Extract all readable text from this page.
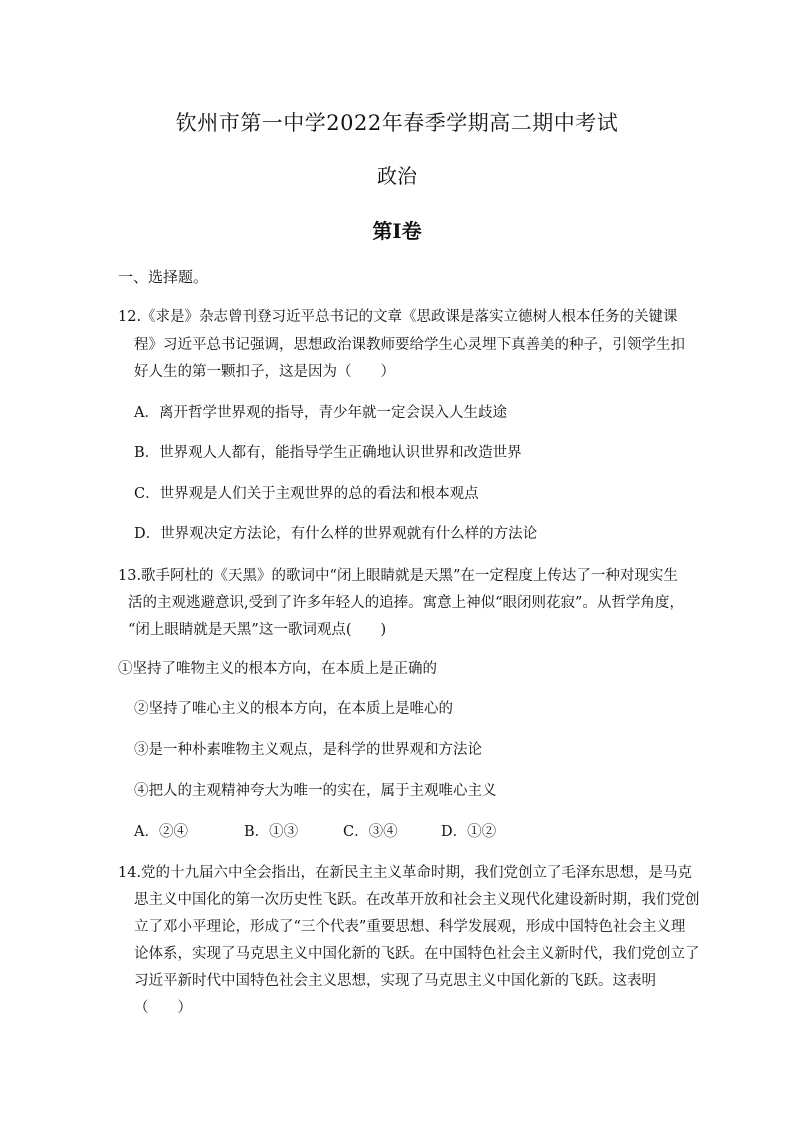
钦州市第一中学2022年春季学期高二期中考试
政治
第Ⅰ卷
一、选择题。
12.《求是》杂志曾刊登习近平总书记的文章《思政课是落实立德树人根本任务的关键课
程》习近平总书记强调，思想政治课教师要给学生心灵埋下真善美的种子，引领学生扣
好人生的第一颗扣子，这是因为（　　）
A．离开哲学世界观的指导，青少年就一定会误入人生歧途
B．世界观人人都有，能指导学生正确地认识世界和改造世界
C．世界观是人们关于主观世界的总的看法和根本观点
D．世界观决定方法论，有什么样的世界观就有什么样的方法论
13.歌手阿杜的《天黑》的歌词中“闭上眼睛就是天黑”在一定程度上传达了一种对现实生
活的主观逃避意识,受到了许多年轻人的追捧。寓意上神似“眼闭则花寂”。从哲学角度，
“闭上眼睛就是天黑”这一歌词观点(　　)
①坚持了唯物主义的根本方向，在本质上是正确的
②坚持了唯心主义的根本方向，在本质上是唯心的
③是一种朴素唯物主义观点，是科学的世界观和方法论
④把人的主观精神夸大为唯一的实在，属于主观唯心主义
A．②④	B．①③	C．③④	D．①②
14.党的十九届六中全会指出，在新民主主义革命时期，我们党创立了毛泽东思想，是马克
思主义中国化的第一次历史性飞跃。在改革开放和社会主义现代化建设新时期，我们党创
立了邓小平理论，形成了“三个代表”重要思想、科学发展观，形成中国特色社会主义理
论体系，实现了马克思主义中国化新的飞跃。在中国特色社会主义新时代，我们党创立了
习近平新时代中国特色社会主义思想，实现了马克思主义中国化新的飞跃。这表明
（　　）
